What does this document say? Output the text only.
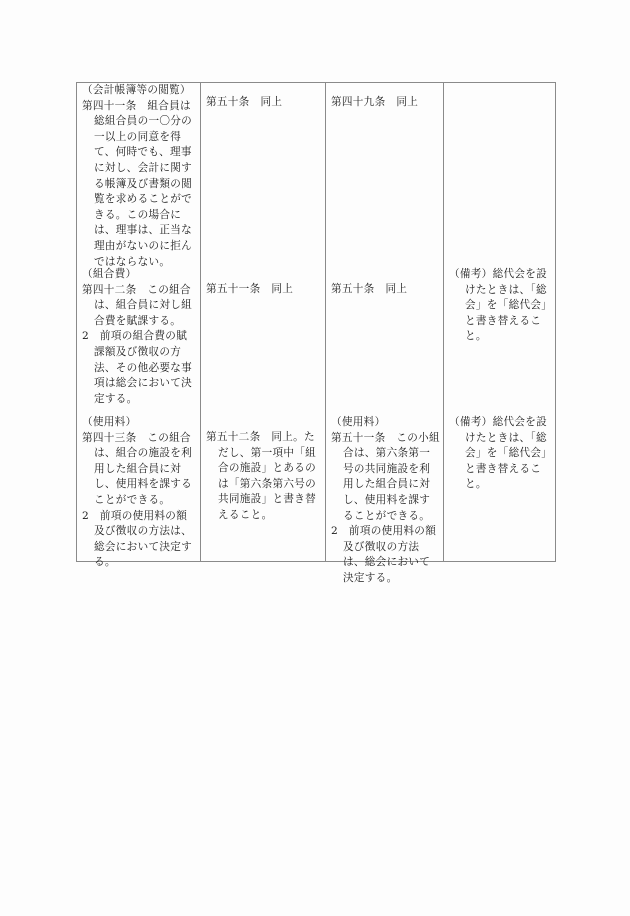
（会計帳簿等の閲覧）
第四十一条　組合員は総組合員の一〇分の一以上の同意を得て、何時でも、理事に対し、会計に関する帳簿及び書類の閲覧を求めることができる。この場合には、理事は、正当な理由がないのに拒んではならない。
第五十条　同上	第四十九条　同上
（組合費）
第四十二条　この組合は、組合員に対し組合費を賦課する。
2　前項の組合費の賦課額及び徴収の方法、その他必要な事項は総会において決定する。
第五十一条　同上	第五十条　同上
（備考）総代会を設けたときは、「総会」を「総代会」と書き替えること。
（使用料）
第四十三条　この組合は、組合の施設を利用した組合員に対し、使用料を課することができる。
2　前項の使用料の額及び徴収の方法は、総会において決定する。
第五十二条　同上。ただし、第一項中「組合の施設」とあるのは「第六条第六号の共同施設」と書き替えること。
（使用料）
第五十一条　この小組合は、第六条第一号の共同施設を利用した組合員に対し、使用料を課することができる。
2　前項の使用料の額及び徴収の方法は、総会において決定する。
（備考）総代会を設けたときは、「総会」を「総代会」と書き替えること。
